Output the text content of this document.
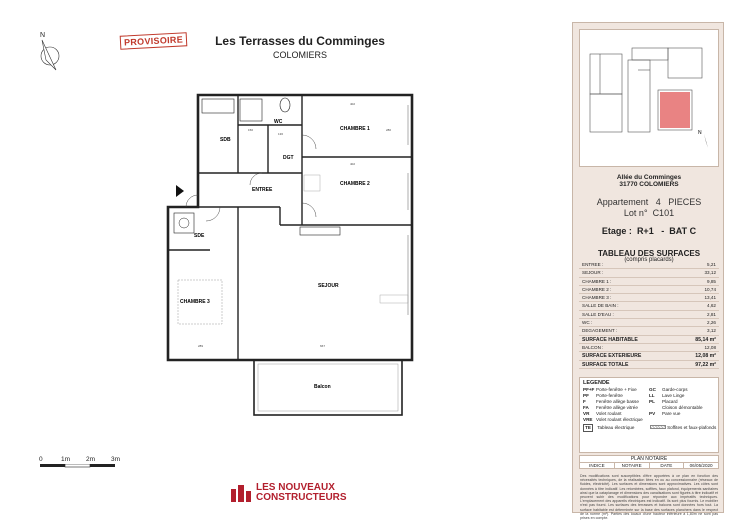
N	PROVISOIRE	Les Terrasses du Comminges
COLOMIERS
SDB
WC
CHAMBRE 1
DGT
CHAMBRE 2
ENTREE
SDE
CHAMBRE 3
SEJOUR
Balcon
402
280
402
289	667
150
136
0	1m 2m 3m
LES NOUVEAUX
CONSTRUCTEURS
N
Allée du Comminges
31770 COLOMIERS
Appartement 4 PIECES
Lot n° C101
Etage : R+1 - BAT C
TABLEAU DES SURFACES
(compris placards)
ENTREE :	5,21
SEJOUR :	33,12
CHAMBRE 1 :	9,85
CHAMBRE 2 :	10,74
CHAMBRE 3 :	13,41
SALLE DE BAIN :	4,62
SALLE D'EAU :	2,81
WC :	2,26
DEGAGEMENT :	3,12
SURFACE HABITABLE	85,14 m²
BALCON :	12,08
SURFACE EXTERIEURE	12,08 m²
SURFACE TOTALE	97,22 m²
LEGENDE
PF+F Porte-fenêtre + Fixe
PF Porte-fenêtre
F Fenêtre allège basse
FA Fenêtre allège vitrée
VR Volet roulant
VRE Volet roulant électrique
GC Garde-corps
LL Lave Linge
PL Placard
Cloison démontable
PV Pare vue
TE Tableau électrique	Soffites et faux-plafonds
PLAN NOTAIRE
INDICE	NOTAIRE	DATE	06/05/2020
Des modifications sont susceptibles d'être apportées à ce plan en fonction des nécessités techniques, de la réalisation liées en ou au concessionnaire (réseaux de fluides, électricité). Les surfaces et dimensions sont approximatives. Les côtes sont données à titre indicatif. Les retombées, soffites, faux plafond, équipements sanitaires ainsi que la cataplanage et dimensions des canalisations sont figurés à titre indicatif et peuvent subir des modifications pour répondre aux impératifs techniques. L'emplacement des appareils électriques est indicatif. Ils sont plus fournis. Le mobilier n'est pas fourni. Les surfaces des terrasses et balcons sont données hors tout. La surface habitable est déterminée sur la base des surfaces planchers dans le respect de la norme (m²). Parties des locaux d'une hauteur inférieure à 1,80m ne sont pas prises en compte.
